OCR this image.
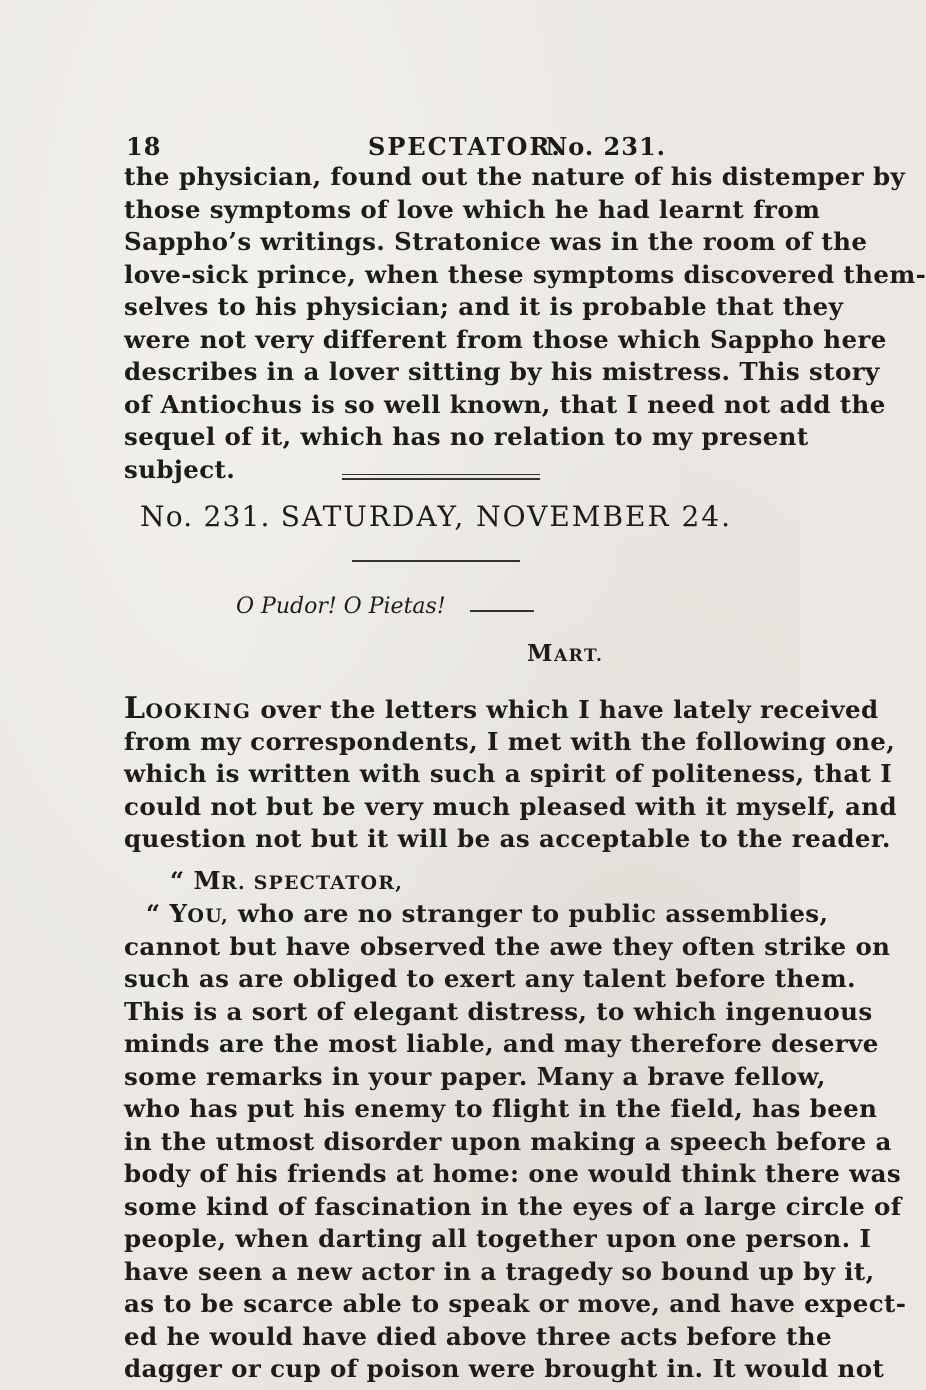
18	SPECTATOR.
No. 231.
the physician, found out the nature of his distemper by
those symptoms of love which he had learnt from
Sappho’s writings. Stratonice was in the room of the
love-sick prince, when these symptoms discovered them-
selves to his physician; and it is probable that they
were not very different from those which Sappho here
describes in a lover sitting by his mistress. This story
of Antiochus is so well known, that I need not add the
sequel of it, which has no relation to my present
subject.
No. 231. SATURDAY, NOVEMBER 24.
O Pudor! O Pietas!
MART.
LOOKING over the letters which I have lately received
from my correspondents, I met with the following one,
which is written with such a spirit of politeness, that I
could not but be very much pleased with it myself, and
question not but it will be as acceptable to the reader.
“ MR. SPECTATOR,
“ YOU, who are no stranger to public assemblies,
cannot but have observed the awe they often strike on
such as are obliged to exert any talent before them.
This is a sort of elegant distress, to which ingenuous
minds are the most liable, and may therefore deserve
some remarks in your paper. Many a brave fellow,
who has put his enemy to flight in the field, has been
in the utmost disorder upon making a speech before a
body of his friends at home: one would think there was
some kind of fascination in the eyes of a large circle of
people, when darting all together upon one person. I
have seen a new actor in a tragedy so bound up by it,
as to be scarce able to speak or move, and have expect-
ed he would have died above three acts before the
dagger or cup of poison were brought in. It would not
